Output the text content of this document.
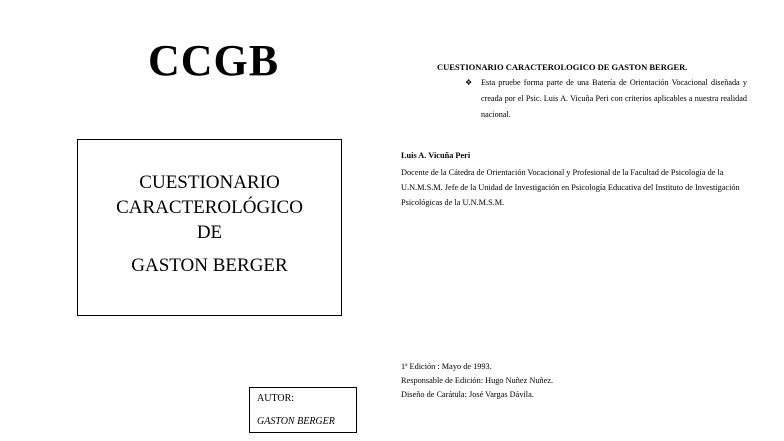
CCGB
CUESTIONARIO
CARACTEROLÓGICO
DE
GASTON BERGER
AUTOR:
GASTON BERGER
CUESTIONARIO CARACTEROLOGICO DE GASTON BERGER.
❖ Esta pruebe forma parte de una Batería de Orientación Vocacional diseñada y creada por el Psic. Luis A. Vicuña Peri con criterios aplicables a nuestra realidad nacional.
Luis A. Vicuña Peri
Docente de la Cátedra de Orientación Vocacional y Profesional de la Facultad de Psicología de la U.N.M.S.M. Jefe de la Unidad de Investigación en Psicología Educativa del Instituto de Investigación Psicológicas de la U.N.M.S.M.
1ª Edición : Mayo de 1993.
Responsable de Edición: Hugo Nuñez Nuñez.
Diseño de Carátula: José Vargas Dávila.
